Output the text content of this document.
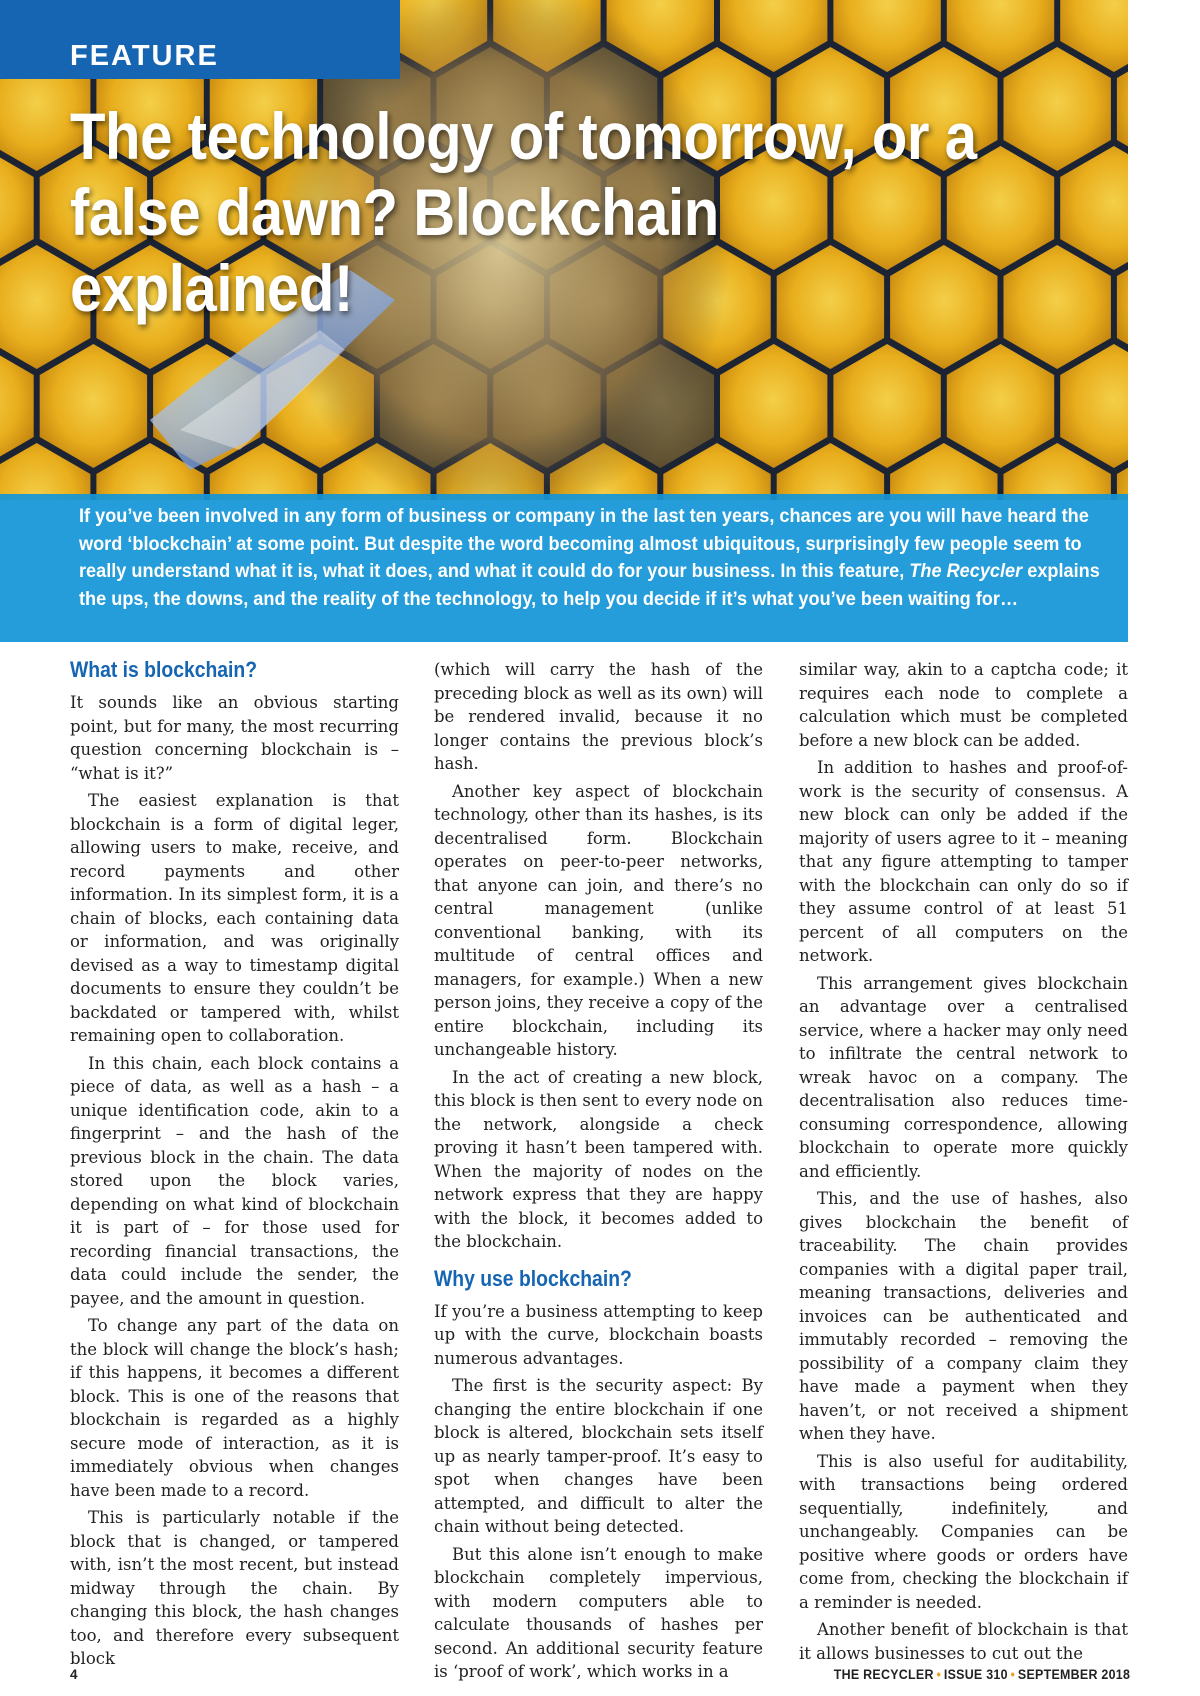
FEATURE
The technology of tomorrow, or a false dawn? Blockchain explained!

If you’ve been involved in any form of business or company in the last ten years, chances are you will have heard the word ‘blockchain’ at some point. But despite the word becoming almost ubiquitous, surprisingly few people seem to really understand what it is, what it does, and what it could do for your business. In this feature, The Recycler explains the ups, the downs, and the reality of the technology, to help you decide if it’s what you’ve been waiting for…

What is blockchain?

It sounds like an obvious starting point, but for many, the most recurring question concerning blockchain is – “what is it?”

The easiest explanation is that blockchain is a form of digital leger, allowing users to make, receive, and record payments and other information. In its simplest form, it is a chain of blocks, each containing data or information, and was originally devised as a way to timestamp digital documents to ensure they couldn’t be backdated or tampered with, whilst remaining open to collaboration.

In this chain, each block contains a piece of data, as well as a hash – a unique identification code, akin to a fingerprint – and the hash of the previous block in the chain. The data stored upon the block varies, depending on what kind of blockchain it is part of – for those used for recording financial transactions, the data could include the sender, the payee, and the amount in question.

To change any part of the data on the block will change the block’s hash; if this happens, it becomes a different block. This is one of the reasons that blockchain is regarded as a highly secure mode of interaction, as it is immediately obvious when changes have been made to a record.

This is particularly notable if the block that is changed, or tampered with, isn’t the most recent, but instead midway through the chain. By changing this block, the hash changes too, and therefore every subsequent block

(which will carry the hash of the preceding block as well as its own) will be rendered invalid, because it no longer contains the previous block’s hash.

Another key aspect of blockchain technology, other than its hashes, is its decentralised form. Blockchain operates on peer-to-peer networks, that anyone can join, and there’s no central management (unlike conventional banking, with its multitude of central offices and managers, for example.) When a new person joins, they receive a copy of the entire blockchain, including its unchangeable history.

In the act of creating a new block, this block is then sent to every node on the network, alongside a check proving it hasn’t been tampered with. When the majority of nodes on the network express that they are happy with the block, it becomes added to the blockchain.

Why use blockchain?

If you’re a business attempting to keep up with the curve, blockchain boasts numerous advantages.

The first is the security aspect: By changing the entire blockchain if one block is altered, blockchain sets itself up as nearly tamper-proof. It’s easy to spot when changes have been attempted, and difficult to alter the chain without being detected.

But this alone isn’t enough to make blockchain completely impervious, with modern computers able to calculate thousands of hashes per second. An additional security feature is ‘proof of work’, which works in a

similar way, akin to a captcha code; it requires each node to complete a calculation which must be completed before a new block can be added.

In addition to hashes and proof-of-work is the security of consensus. A new block can only be added if the majority of users agree to it – meaning that any figure attempting to tamper with the blockchain can only do so if they assume control of at least 51 percent of all computers on the network.

This arrangement gives blockchain an advantage over a centralised service, where a hacker may only need to infiltrate the central network to wreak havoc on a company. The decentralisation also reduces time-consuming correspondence, allowing blockchain to operate more quickly and efficiently.

This, and the use of hashes, also gives blockchain the benefit of traceability. The chain provides companies with a digital paper trail, meaning transactions, deliveries and invoices can be authenticated and immutably recorded – removing the possibility of a company claim they have made a payment when they haven’t, or not received a shipment when they have.

This is also useful for auditability, with transactions being ordered sequentially, indefinitely, and unchangeably. Companies can be positive where goods or orders have come from, checking the blockchain if a reminder is needed.

Another benefit of blockchain is that it allows businesses to cut out the

4	THE RECYCLER • ISSUE 310 • SEPTEMBER 2018
